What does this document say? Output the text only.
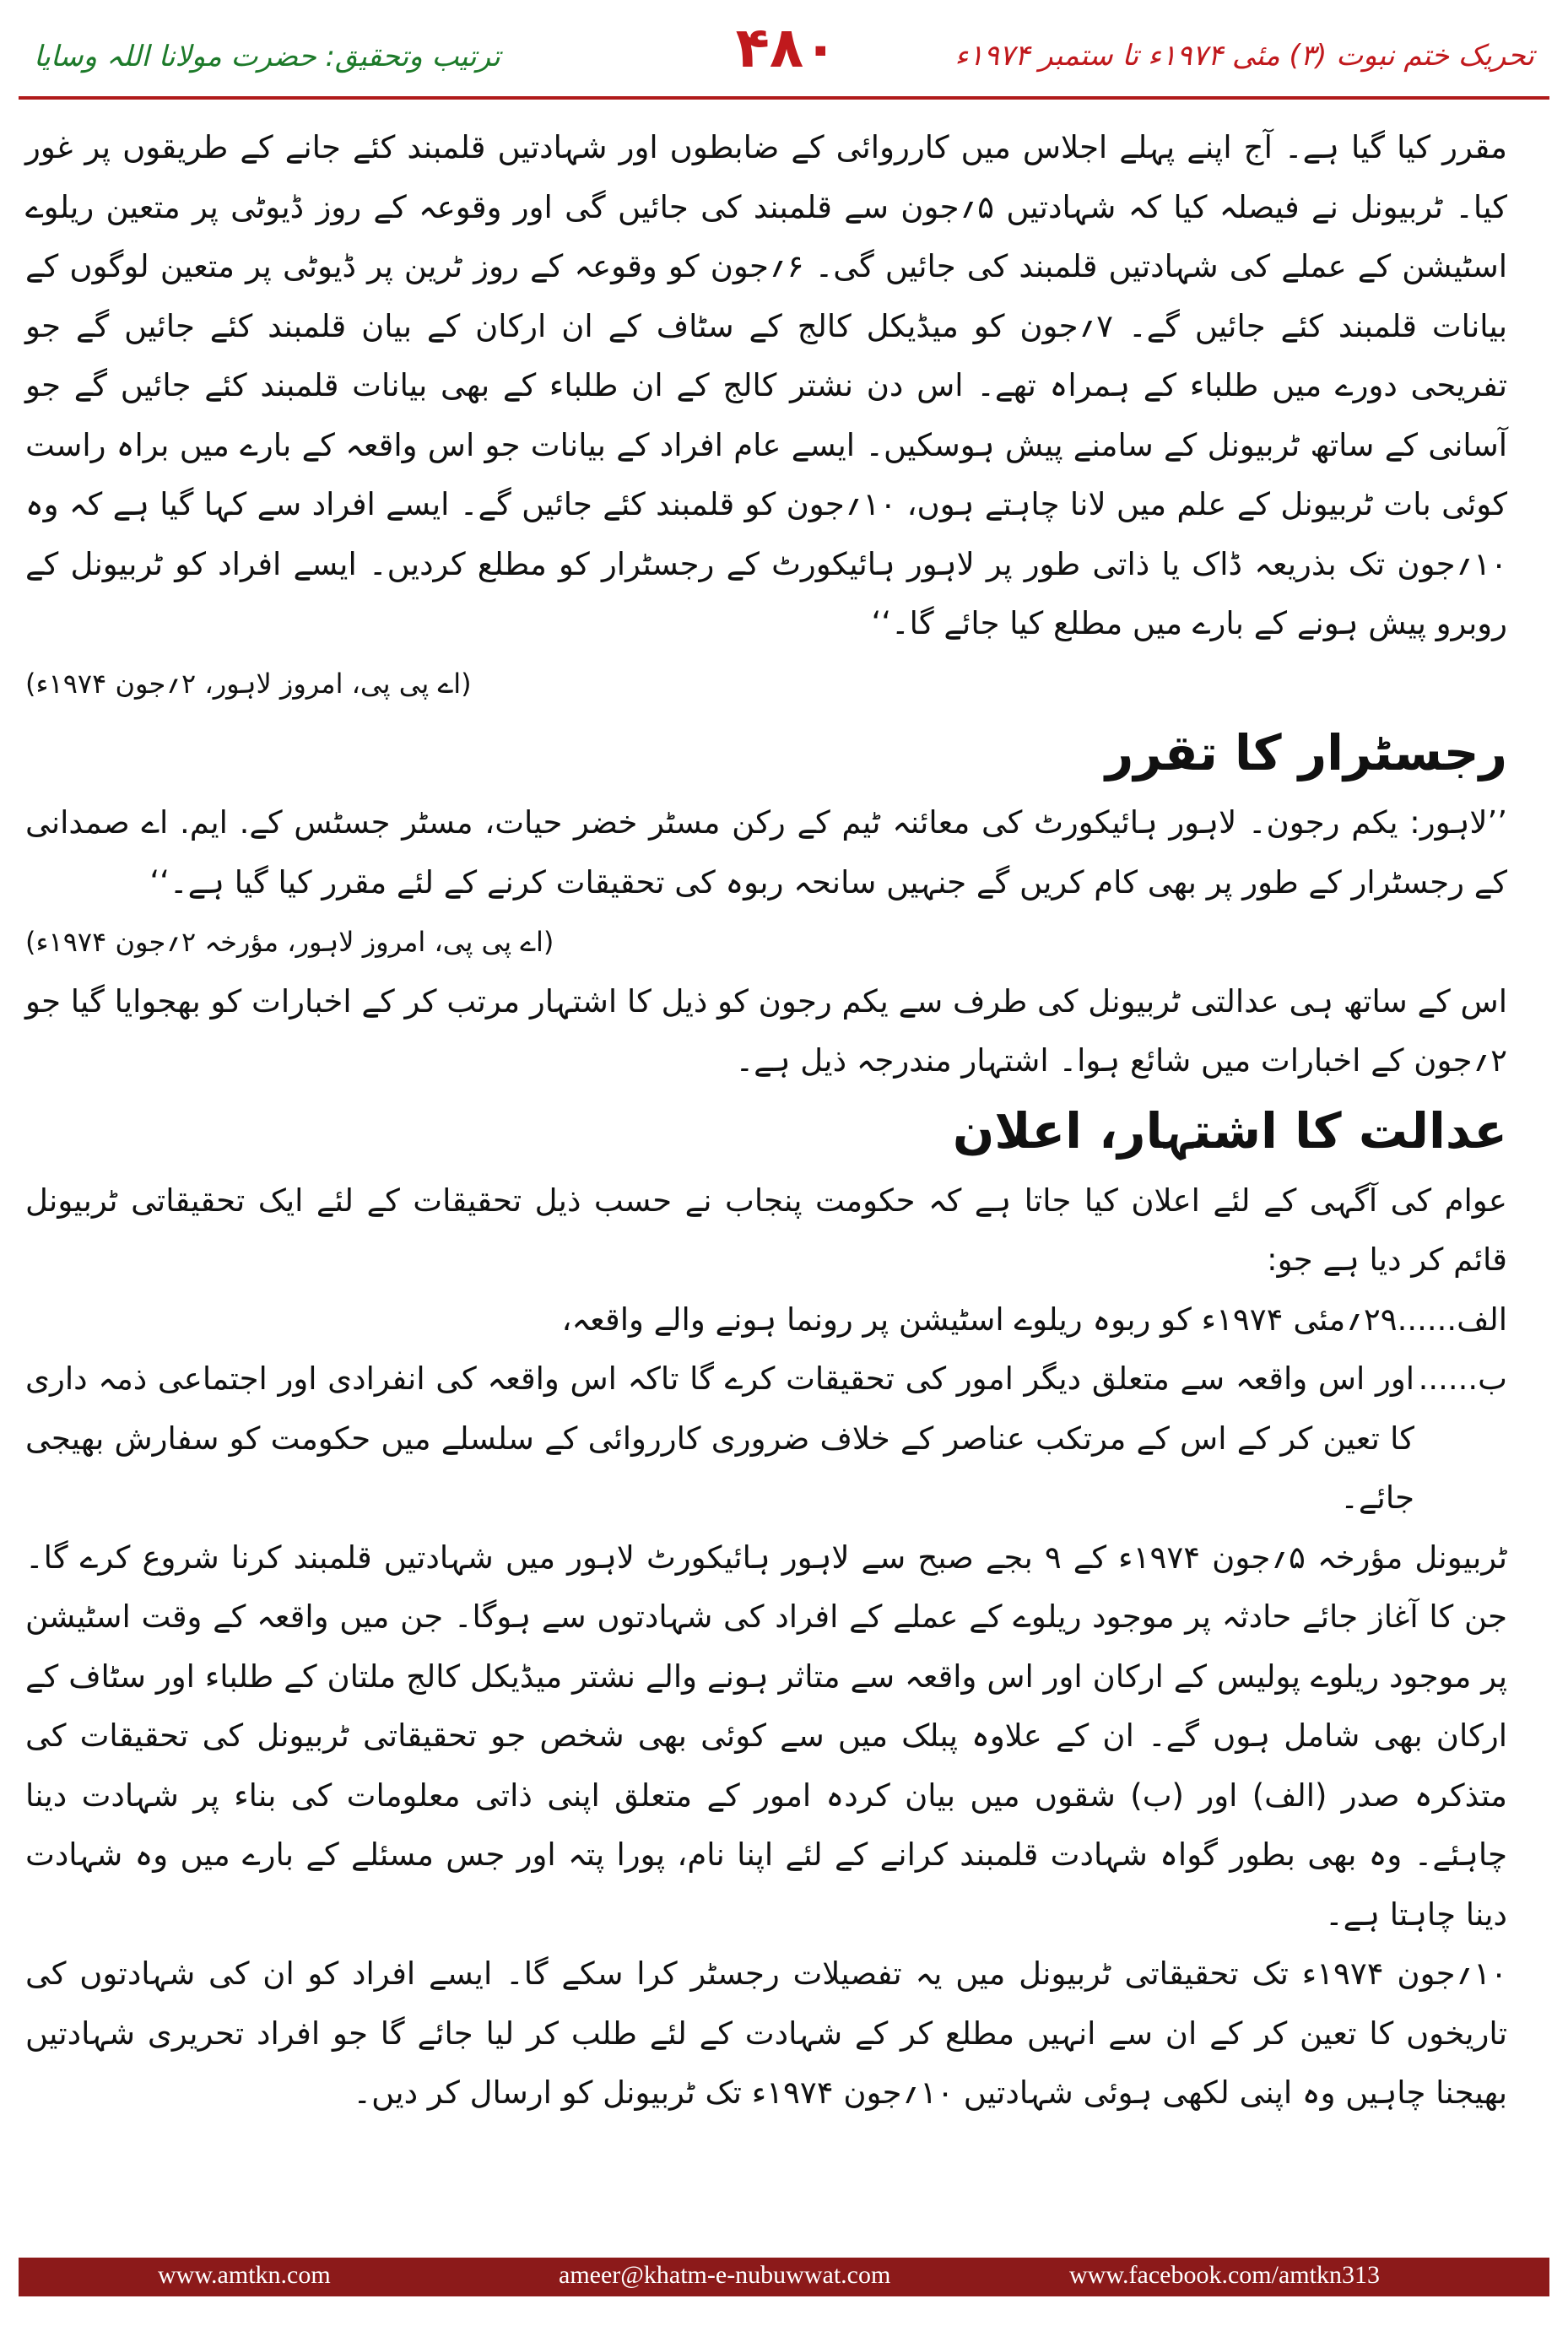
ترتیب وتحقیق: حضرت مولانا اللہ وسایا	۴۸۰	تحریک ختم نبوت (۳) مئی ۱۹۷۴ء تا ستمبر ۱۹۷۴ء

مقرر کیا گیا ہے۔ آج اپنے پہلے اجلاس میں کارروائی کے ضابطوں اور شہادتیں قلمبند کئے جانے کے طریقوں پر غور کیا۔ ٹربیونل نے فیصلہ کیا کہ شہادتیں ۵؍جون سے قلمبند کی جائیں گی اور وقوعہ کے روز ڈیوٹی پر متعین ریلوے اسٹیشن کے عملے کی شہادتیں قلمبند کی جائیں گی۔ ۶؍جون کو وقوعہ کے روز ٹرین پر ڈیوٹی پر متعین لوگوں کے بیانات قلمبند کئے جائیں گے۔ ۷؍جون کو میڈیکل کالج کے سٹاف کے ان ارکان کے بیان قلمبند کئے جائیں گے جو تفریحی دورے میں طلباء کے ہمراہ تھے۔ اس دن نشتر کالج کے ان طلباء کے بھی بیانات قلمبند کئے جائیں گے جو آسانی کے ساتھ ٹربیونل کے سامنے پیش ہوسکیں۔ ایسے عام افراد کے بیانات جو اس واقعہ کے بارے میں براہ راست کوئی بات ٹربیونل کے علم میں لانا چاہتے ہوں، ۱۰؍جون کو قلمبند کئے جائیں گے۔ ایسے افراد سے کہا گیا ہے کہ وہ ۱۰؍جون تک بذریعہ ڈاک یا ذاتی طور پر لاہور ہائیکورٹ کے رجسٹرار کو مطلع کردیں۔ ایسے افراد کو ٹربیونل کے روبرو پیش ہونے کے بارے میں مطلع کیا جائے گا۔‘‘

(اے پی پی، امروز لاہور، ۲؍جون ۱۹۷۴ء)

رجسٹرار کا تقرر

’’لاہور: یکم رجون۔ لاہور ہائیکورٹ کی معائنہ ٹیم کے رکن مسٹر خضر حیات، مسٹر جسٹس کے. ایم. اے صمدانی کے رجسٹرار کے طور پر بھی کام کریں گے جنہیں سانحہ ربوہ کی تحقیقات کرنے کے لئے مقرر کیا گیا ہے۔‘‘

(اے پی پی، امروز لاہور، مؤرخہ ۲؍جون ۱۹۷۴ء)

اس کے ساتھ ہی عدالتی ٹربیونل کی طرف سے یکم رجون کو ذیل کا اشتہار مرتب کر کے اخبارات کو بھجوایا گیا جو ۲؍جون کے اخبارات میں شائع ہوا۔ اشتہار مندرجہ ذیل ہے۔

عدالت کا اشتہار، اعلان

عوام کی آگہی کے لئے اعلان کیا جاتا ہے کہ حکومت پنجاب نے حسب ذیل تحقیقات کے لئے ایک تحقیقاتی ٹربیونل قائم کر دیا ہے جو:

الف......
۲۹؍مئی ۱۹۷۴ء کو ربوہ ریلوے اسٹیشن پر رونما ہونے والے واقعہ،
ب......
اور اس واقعہ سے متعلق دیگر امور کی تحقیقات کرے گا تاکہ اس واقعہ کی انفرادی اور اجتماعی ذمہ داری کا تعین کر کے اس کے مرتکب عناصر کے خلاف ضروری کارروائی کے سلسلے میں حکومت کو سفارش بھیجی جائے۔

ٹربیونل مؤرخہ ۵؍جون ۱۹۷۴ء کے ۹ بجے صبح سے لاہور ہائیکورٹ لاہور میں شہادتیں قلمبند کرنا شروع کرے گا۔ جن کا آغاز جائے حادثہ پر موجود ریلوے کے عملے کے افراد کی شہادتوں سے ہوگا۔ جن میں واقعہ کے وقت اسٹیشن پر موجود ریلوے پولیس کے ارکان اور اس واقعہ سے متاثر ہونے والے نشتر میڈیکل کالج ملتان کے طلباء اور سٹاف کے ارکان بھی شامل ہوں گے۔ ان کے علاوہ پبلک میں سے کوئی بھی شخص جو تحقیقاتی ٹربیونل کی تحقیقات کی متذکرہ صدر (الف) اور (ب) شقوں میں بیان کردہ امور کے متعلق اپنی ذاتی معلومات کی بناء پر شہادت دینا چاہئے۔ وہ بھی بطور گواہ شہادت قلمبند کرانے کے لئے اپنا نام، پورا پتہ اور جس مسئلے کے بارے میں وہ شہادت دینا چاہتا ہے۔

۱۰؍جون ۱۹۷۴ء تک تحقیقاتی ٹربیونل میں یہ تفصیلات رجسٹر کرا سکے گا۔ ایسے افراد کو ان کی شہادتوں کی تاریخوں کا تعین کر کے ان سے انہیں مطلع کر کے شہادت کے لئے طلب کر لیا جائے گا جو افراد تحریری شہادتیں بھیجنا چاہیں وہ اپنی لکھی ہوئی شہادتیں ۱۰؍جون ۱۹۷۴ء تک ٹربیونل کو ارسال کر دیں۔

www.amtkn.com	ameer@khatm-e-nubuwwat.com	www.facebook.com/amtkn313
